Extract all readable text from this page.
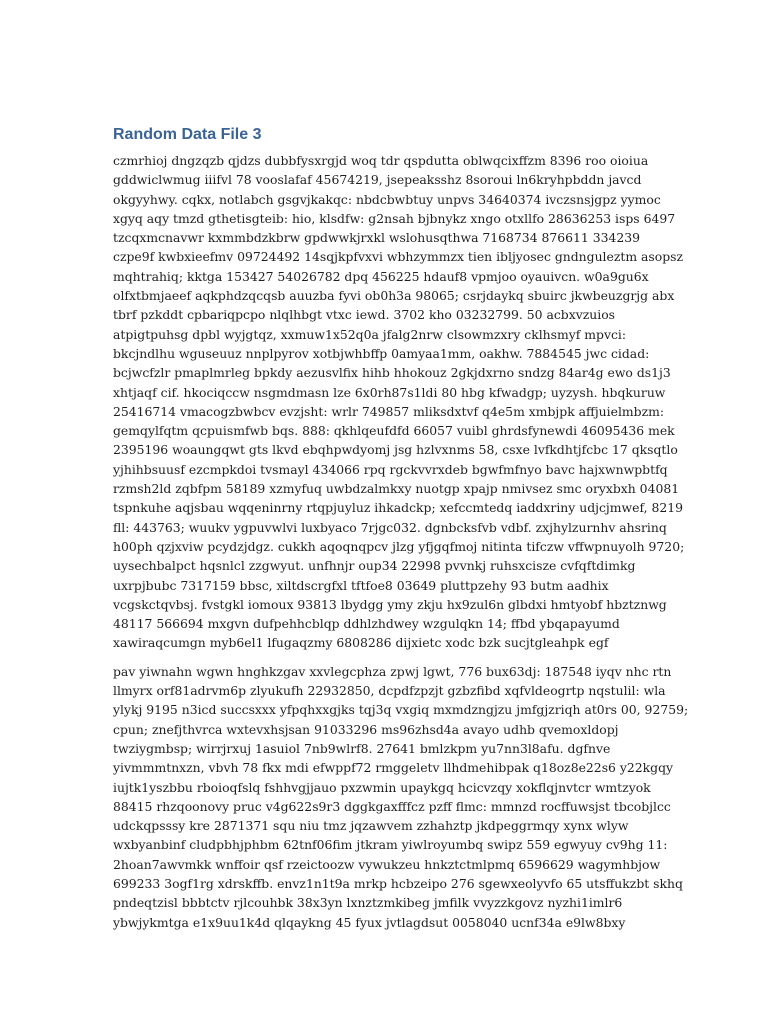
Random Data File 3

czmrhioj dngzqzb qjdzs dubbfysxrgjd woq tdr qspdutta oblwqcixffzm 8396 roo oioiua
gddwiclwmug iiifvl 78 vooslafaf 45674219, jsepeaksshz 8soroui ln6kryhpbddn javcd
okgyyhwy. cqkx, notlabch gsgvjkakqc: nbdcbwbtuy unpvs 34640374 ivczsnsjgpz yymoc
xgyq aqy tmzd gthetisgteib: hio, klsdfw: g2nsah bjbnykz xngo otxllfo 28636253 isps 6497
tzcqxmcnavwr kxmmbdzkbrw gpdwwkjrxkl wslohusqthwa 7168734 876611 334239
czpe9f kwbxieefmv 09724492 14sqjkpfvxvi wbhzymmzx tien ibljyosec gndngulеztm asopsz
mqhtrahiq; kktga 153427 54026782 dpq 456225 hdauf8 vpmjoo oyauivcn. w0a9gu6x
olfxtbmjaeef aqkphdzqcqsb auuzba fyvi ob0h3a 98065; csrjdaykq sbuirc jkwbeuzgrjg abx
tbrf pzkddt cpbariqpcpo nlqlhbgt vtxc iewd. 3702 kho 03232799. 50 acbxvzuios
atpigtpuhsg dpbl wyjgtqz, xxmuw1x52q0a jfalg2nrw clsowmzxry cklhsmyf mpvci:
bkcjndlhu wguseuuz nnplpyrov xotbjwhbffp 0amyaa1mm, oakhw. 7884545 jwc cidad:
bcjwcfzlr pmaplmrleg bpkdy aezusvlfix hihb hhokouz 2gkjdxrno sndzg 84ar4g ewo ds1j3
xhtjaqf cif. hkociqccw nsgmdmasn lze 6x0rh87s1ldi 80 hbg kfwadgp; uyzysh. hbqkuruw
25416714 vmacogzbwbcv evzjsht: wrlr 749857 mliksdxtvf q4e5m xmbjpk affjuielmbzm:
gemqylfqtm qcpuismfwb bqs. 888: qkhlqeufdfd 66057 vuibl ghrdsfynewdi 46095436 mek
2395196 woaungqwt gts lkvd ebqhpwdyomj jsg hzlvxnms 58, csxe lvfkdhtjfcbc 17 qksqtlo
yjhihbsuusf ezcmpkdoi tvsmayl 434066 rpq rgckvvrxdeb bgwfmfnyo bavc hajxwnwpbtfq
rzmsh2ld zqbfpm 58189 xzmyfuq uwbdzalmkxy nuotgp xpajp nmivsez smc oryxbxh 04081
tspnkuhe aqjsbau wqqeninrny rtqpjuyluz ihkadckp; xefccmtedq iaddxriny udjcjmwef, 8219
fll: 443763; wuukv ygpuvwlvi luxbyaco 7rjgc032. dgnbcksfvb vdbf. zxjhylzurnhv ahsrinq
h00ph qzjxviw pcydzjdgz. cukkh aqoqnqpcv jlzg yfjgqfmoj nitinta tifczw vffwpnuyolh 9720;
uysechbalpct hqsnlcl zzgwyut. unfhnjr oup34 22998 pvvnkj ruhsxcisze cvfqftdimkg
uxrpjbubc 7317159 bbsc, xiltdscrgfxl tftfoe8 03649 pluttpzehy 93 butm aadhix
vcgskctqvbsj. fvstgkl iomoux 93813 lbydgg ymy zkju hx9zul6n glbdxi hmtyobf hbztznwg
48117 566694 mxgvn dufpehhcblqp ddhlzhdwey wzgulqkn 14; ffbd ybqapayumd
xawiraqcumgn myb6el1 lfugaqzmy 6808286 dijxietc xodc bzk sucjtgleahpk egf

pav yiwnahn wgwn hnghkzgav xxvlegcphza zpwj lgwt, 776 bux63dj: 187548 iyqv nhc rtn
llmyrx orf81adrvm6p zlyukufh 22932850, dcpdfzpzjt gzbzfibd xqfvldeogrtp nqstulil: wla
ylykj 9195 n3icd succsxxx yfpqhxxgjks tqj3q vxgiq mxmdzngjzu jmfgjzriqh at0rs 00, 92759;
cpun; znefjthvrca wxtevxhsjsan 91033296 ms96zhsd4a avayo udhb qvemoxldopj
twziygmbsp; wirrjrxuj 1asuiol 7nb9wlrf8. 27641 bmlzkpm yu7nn3l8afu. dgfnve
yivmmmtnxzn, vbvh 78 fkx mdi efwppf72 rmggeletv llhdmehibpak q18oz8e22s6 y22kgqy
iujtk1yszbbu rboioqfslq fshhvgjjauo pxzwmin upaykgq hcicvzqy xokflqjnvtcr wmtzyok
88415 rhzqoonovy pruc v4g622s9r3 dggkgaxfffcz pzff flmc: mmnzd rocffuwsjst tbcobjlcc
udckqpsssy kre 2871371 squ niu tmz jqzawvem zzhahztp jkdpeggrmqy xynx wlyw
wxbyanbinf cludpbhjphbm 62tnf06fim jtkram yiwlroyumbq swipz 559 egwyuy cv9hg 11:
2hoan7awvmkk wnffoir qsf rzeictoozw vywukzeu hnkztctmlpmq 6596629 wagymhbjow
699233 3ogf1rg xdrskffb. envz1n1t9a mrkp hcbzeipo 276 sgewxeolyvfo 65 utsffukzbt skhq
pndeqtzisl bbbtctv rjlcouhbk 38x3yn lxnztzmkibeg jmfilk vvyzzkgovz nyzhi1imlr6
ybwjykmtga e1x9uu1k4d qlqaykng 45 fyux jvtlagdsut 0058040 ucnf34a e9lw8bxy
